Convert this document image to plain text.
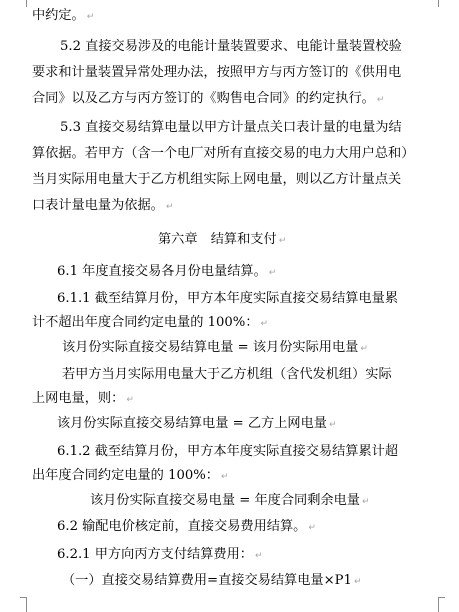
中约定。 ↵
5.2 直接交易涉及的电能计量装置要求、电能计量装置校验
要求和计量装置异常处理办法，按照甲方与丙方签订的《供用电
合同》以及乙方与丙方签订的《购售电合同》的约定执行。 ↵
5.3 直接交易结算电量以甲方计量点关口表计量的电量为结
算依据。若甲方（含一个电厂对所有直接交易的电力大用户总和）
当月实际用电量大于乙方机组实际上网电量，则以乙方计量点关
口表计量电量为依据。 ↵
第六章　结算和支付 ↵
6.1 年度直接交易各月份电量结算。 ↵
6.1.1 截至结算月份，甲方本年度实际直接交易结算电量累
计不超出年度合同约定电量的 100%： ↵
该月份实际直接交易结算电量 = 该月份实际用电量 ↵
若甲方当月实际用电量大于乙方机组（含代发机组）实际
上网电量，则： ↵
该月份实际直接交易结算电量 = 乙方上网电量 ↵
6.1.2 截至结算月份，甲方本年度实际直接交易结算累计超
出年度合同约定电量的 100%： ↵
该月份实际直接交易电量 = 年度合同剩余电量 ↵
6.2 输配电价核定前，直接交易费用结算。 ↵
6.2.1 甲方向丙方支付结算费用： ↵
（一）直接交易结算费用=直接交易结算电量×P1 ↵
